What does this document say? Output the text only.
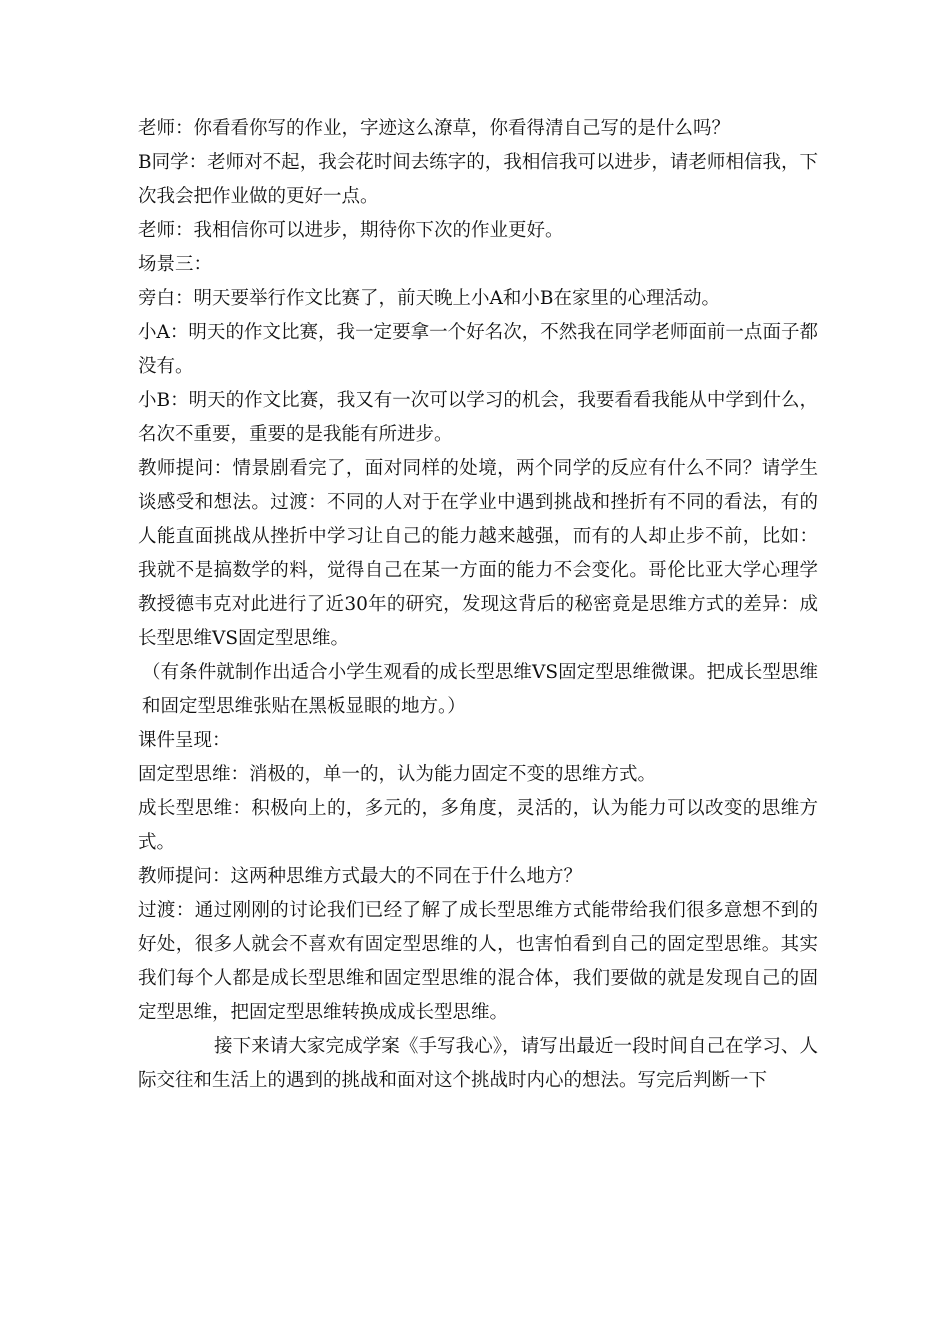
老师：你看看你写的作业，字迹这么潦草，你看得清自己写的是什么吗？

B同学：老师对不起，我会花时间去练字的，我相信我可以进步，请老师相信我，下次我会把作业做的更好一点。

老师：我相信你可以进步，期待你下次的作业更好。

场景三：

旁白：明天要举行作文比赛了，前天晚上小A和小B在家里的心理活动。

小A：明天的作文比赛，我一定要拿一个好名次，不然我在同学老师面前一点面子都没有。

小B：明天的作文比赛，我又有一次可以学习的机会，我要看看我能从中学到什么，名次不重要，重要的是我能有所进步。

教师提问：情景剧看完了，面对同样的处境，两个同学的反应有什么不同？请学生谈感受和想法。过渡：不同的人对于在学业中遇到挑战和挫折有不同的看法，有的人能直面挑战从挫折中学习让自己的能力越来越强，而有的人却止步不前，比如：我就不是搞数学的料，觉得自己在某一方面的能力不会变化。哥伦比亚大学心理学教授德韦克对此进行了近30年的研究，发现这背后的秘密竟是思维方式的差异：成长型思维VS固定型思维。

（有条件就制作出适合小学生观看的成长型思维VS固定型思维微课。把成长型思维和固定型思维张贴在黑板显眼的地方。）

课件呈现：

固定型思维：消极的，单一的，认为能力固定不变的思维方式。

成长型思维：积极向上的，多元的，多角度，灵活的，认为能力可以改变的思维方式。

教师提问：这两种思维方式最大的不同在于什么地方？

过渡：通过刚刚的讨论我们已经了解了成长型思维方式能带给我们很多意想不到的好处，很多人就会不喜欢有固定型思维的人，也害怕看到自己的固定型思维。其实我们每个人都是成长型思维和固定型思维的混合体，我们要做的就是发现自己的固定型思维，把固定型思维转换成成长型思维。

接下来请大家完成学案《手写我心》，请写出最近一段时间自己在学习、人际交往和生活上的遇到的挑战和面对这个挑战时内心的想法。写完后判断一下
